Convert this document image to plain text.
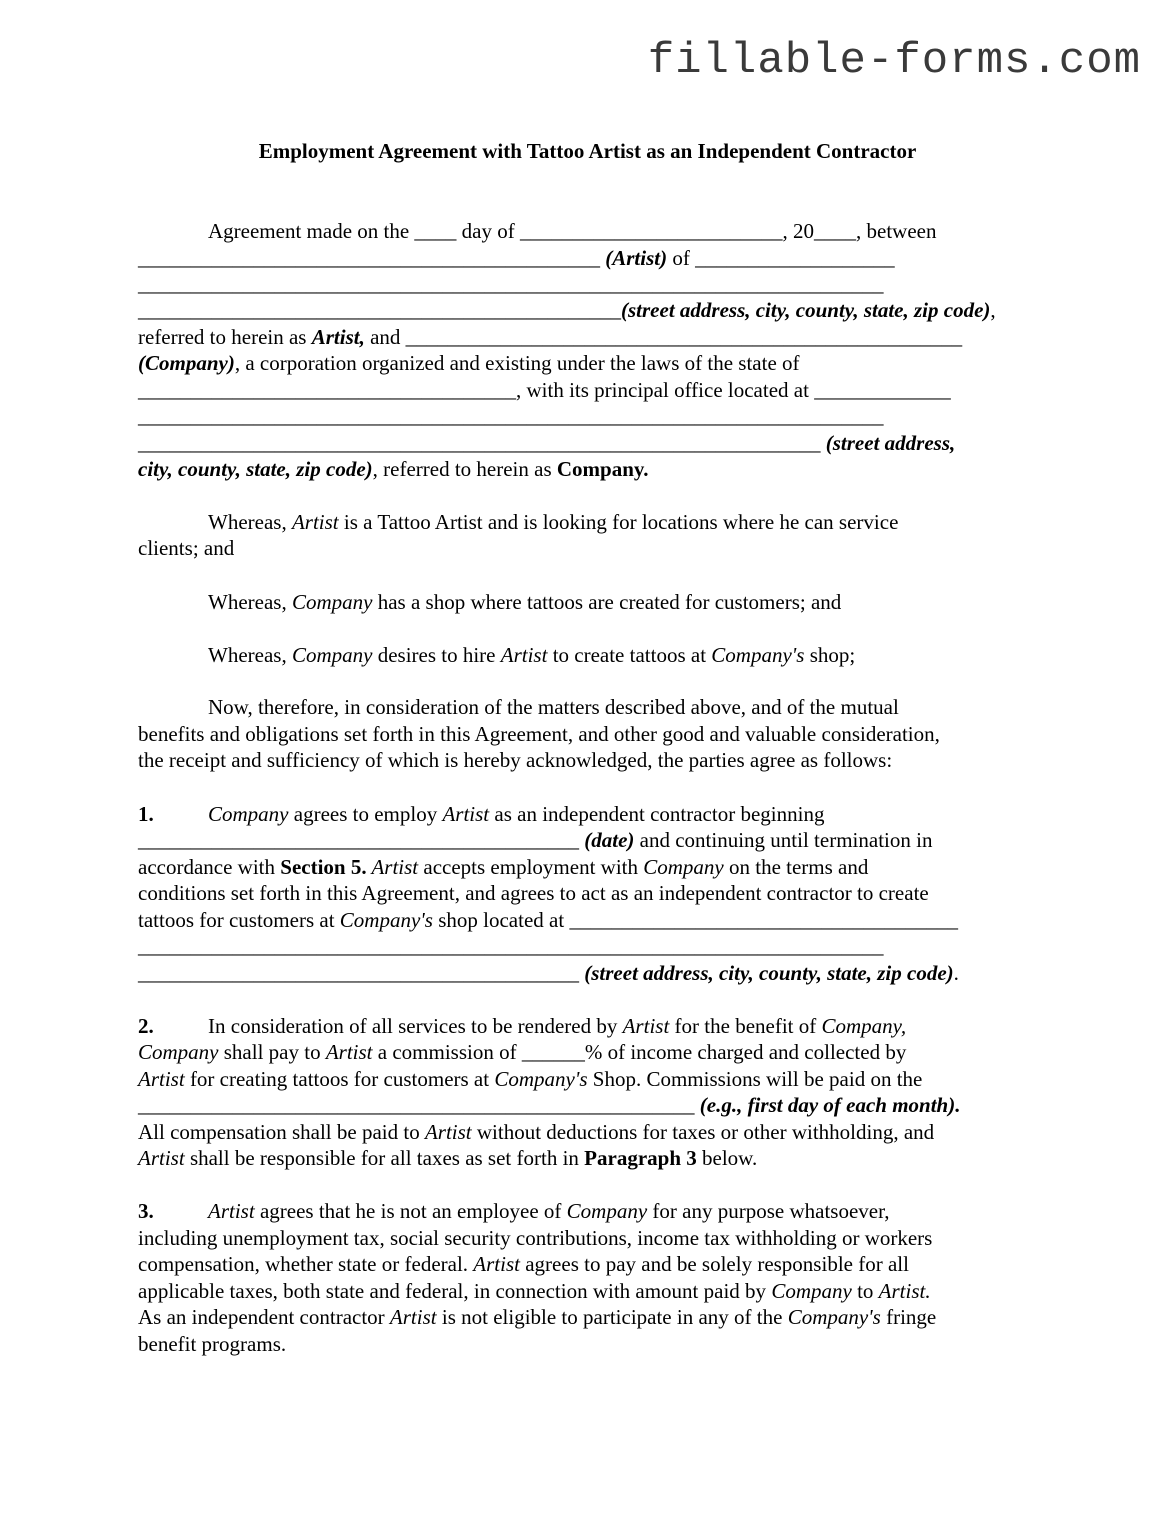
fillable-forms.com
Employment Agreement with Tattoo Artist as an Independent Contractor
Agreement made on the ____ day of _________________________, 20____, between
____________________________________________ (Artist) of ___________________
_______________________________________________________________________
______________________________________________(street address, city, county, state, zip code),
referred to herein as Artist, and _____________________________________________________
(Company), a corporation organized and existing under the laws of the state of
____________________________________, with its principal office located at _____________
_______________________________________________________________________
_________________________________________________________________ (street address,
city, county, state, zip code), referred to herein as Company.
Whereas, Artist is a Tattoo Artist and is looking for locations where he can service
clients; and
Whereas, Company has a shop where tattoos are created for customers; and
Whereas, Company desires to hire Artist to create tattoos at Company's shop;
Now, therefore, in consideration of the matters described above, and of the mutual
benefits and obligations set forth in this Agreement, and other good and valuable consideration,
the receipt and sufficiency of which is hereby acknowledged, the parties agree as follows:
1.	Company agrees to employ Artist as an independent contractor beginning
__________________________________________ (date) and continuing until termination in
accordance with Section 5. Artist accepts employment with Company on the terms and
conditions set forth in this Agreement, and agrees to act as an independent contractor to create
tattoos for customers at Company's shop located at _____________________________________
_______________________________________________________________________
__________________________________________ (street address, city, county, state, zip code).
2.	In consideration of all services to be rendered by Artist for the benefit of Company,
Company shall pay to Artist a commission of ______% of income charged and collected by
Artist for creating tattoos for customers at Company's Shop. Commissions will be paid on the
_____________________________________________________ (e.g., first day of each month).
All compensation shall be paid to Artist without deductions for taxes or other withholding, and
Artist shall be responsible for all taxes as set forth in Paragraph 3 below.
3.	Artist agrees that he is not an employee of Company for any purpose whatsoever,
including unemployment tax, social security contributions, income tax withholding or workers
compensation, whether state or federal. Artist agrees to pay and be solely responsible for all
applicable taxes, both state and federal, in connection with amount paid by Company to Artist.
As an independent contractor Artist is not eligible to participate in any of the Company's fringe
benefit programs.
